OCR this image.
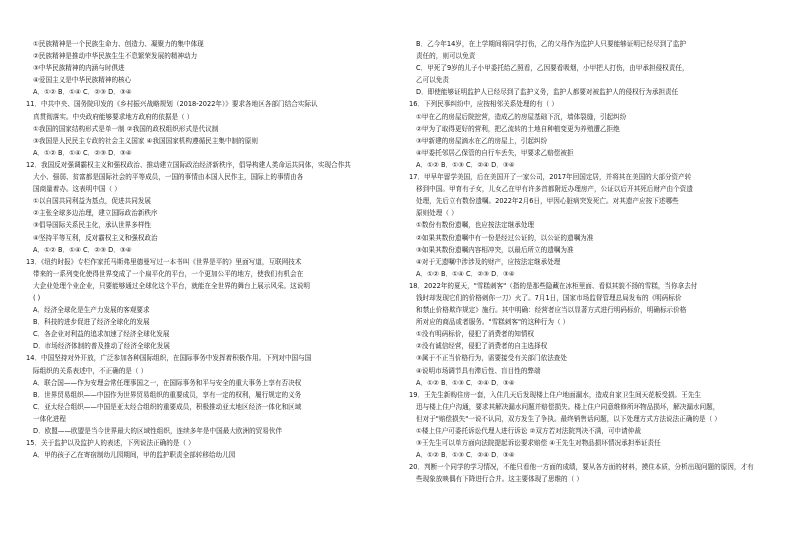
①民族精神是一个民族生命力、创造力、凝聚力的集中体现

②民族精神是推动中华民族生生不息繁荣发展的精神动力

③中华民族精神的内涵与时俱进

④爱国主义是中华民族精神的核心

A．①② B．①④ C．②③ D．③④

11．中共中央、国务院印发的《乡村振兴战略规划（2018-2022年）》要求各地区各部门结合实际认

真贯彻落实。中央政府能够要求地方政府的依据是（ ）

①我国的国家结构形式是单一制 ②我国的政权组织形式是代议制

③我国是人民民主专政的社会主义国家 ④我国国家机构遵循民主集中制的原则

A．①② B．①④ C．②③ D．③④

12．我国反对强调霸权主义和强权政治、推动建立国际政治经济新秩序，倡导构建人类命运共同体，实现合作共

大小、强弱、贫富都是国际社会的平等成员，一国的事情由本国人民作主，国际上的事情由各

国商量着办。这表明中国（ ）

①以自国共同利益为基点，促进共同发展

②主张全球多边治理，建立国际政治新秩序

③倡导国际关系民主化，承认世界多样性

④坚持平等互利，反对霸权主义和强权政治

A．①② B．①④ C．②③ D．③④

13．《纽约时报》专栏作家托马斯弗里德曼写过一本书叫《世界是平的》里面写道，互联网技术

带来的一系列变化使得世界变成了一个扁平化的平台，一个更加公平的地方，使我们有机会在

大企业处理个业企业，只要能够通过全球化这个平台，就能在全世界的舞台上展示风采。这说明

( )

A．经济全球化是生产力发展的客观要求

B．科技的进步促进了经济全球化的发展

C．各企业对利益的追求加速了经济全球化发展

D．市场经济体制的普及推动了经济全球化发展

14．中国坚持对外开放，广泛参加各种国际组织，在国际事务中发挥着积极作用。下列对中国与国

际组织的关系表述中，不正确的是（ ）

A．联合国——作为安理会常任理事国之一，在国际事务和平与安全的重大事务上享有否决权

B．世界贸易组织——中国作为世界贸易组织的重要成员，享有一定的权利，履行规定的义务

C．亚太经合组织——中国是亚太经合组织的重要成员，积极推动亚太地区经济一体化和区域

一体化进程

D．欧盟——欧盟是当今世界最大的区域性组织，连续多年是中国最大欧洲的贸易伙伴

15．关于监护以及监护人的表述，下列说法正确的是（ ）

A．甲的孩子乙在寄宿制幼儿园期间，甲的监护职责全部转移给幼儿园

B．乙今年14岁，在上学期间将同学打伤，乙的父母作为监护人只要能够证明已经尽到了监护

责任的，则可以免责

C．甲死了9岁的儿子小甲委托给乙照看，乙因要看吸烟，小甲把人打伤，由甲承担侵权责任，

乙可以免责

D．即使能够证明监护人已经尽到了监护义务，监护人都要对被监护人的侵权行为承担责任

16．下列民事纠纷中，应按相邻关系处理的有（ ）

①甲在乙的房屋后院挖营，造成乙的房屋基础下沉，墙体裂缝，引起纠纷

②甲为了取得更好的营利，把乙流转的土地自种植变更为养殖遭乙拒绝

③甲新建的房屋滴水在乙的房屋上，引起纠纷

④甲委托邻居乙保管的自行车丢失，甲要求乙赔偿被拒

A．①② B．①③ C．②④ D．③④

17．甲早年留学美国，后在美国开了一家公司，2017年回国定居，并将其在美国的大部分资产转

移到中国。甲育有子女，儿女乙在甲有许多首都附近办理房产，公证以后开其死后财产由个资遗

处理，先后立有数份遗嘱。2022年2月6日，甲因心脏病突发死亡。对其遗产应按下述哪些

原则处理（ ）

①数份有数份遗嘱，也应按法定继承处理

②如果其数份遗嘱中有一份是经过公证的，以公证的遗嘱为准

③如果其数份遗嘱内容相冲突，以最后所立的遗嘱为准

④对于无遗嘱中涉涉及的财产，应按法定继承处理

A．①② B．①④ C．②③ D．③④

18．2022年的夏天，"雪糕刺客"（指的是那些隐藏在冰柜里面、看似其貌不扬的雪糕，当你拿去付

钱时却发现它们的价格刺你一刀）火了。7月1日，国家市场监督管理总局发布的《明码标价

和禁止价格欺诈规定》施行。其中明确：经营者应当以显著方式进行明码标价，明确标示价格

所对应的商品或者服务。"雪糕刺客"的这种行为（ ）

①没有明码标价，侵犯了消费者的知情权

②没有诚信经营，侵犯了消费者的自主选择权

③属于不正当价格行为，需要接受有关部门依法查处

④说明市场调节具有滞后性、盲目性的弊端

A．①② B．①③ C．②④ D．③④

19．王先生新购住房一套，入住几天后发现楼上住户地面漏水，造成自家卫生间天花板受损。王先生

迅与楼上住户沟通，要求其解决漏水问题并赔偿损失。楼上住户同意维修所坏物品损坏，解决漏水问题，

但对于"赔偿损失"一说不认同，双方发生了争执。最终销售话问题，以下处理方式方法说法正确的是（ ）

①楼上住户可委托诉讼代理人进行诉讼 ②双方若对法院判决不满，可申请仲裁

③王先生可以单方面向法院提起诉讼要求赔偿 ④王先生对物品损坏情况承担举证责任

A．①② B．①③ C．②④ D．③④

20．判断一个同学的学习情况，不能只看他一方面的成绩，要从各方面的材料，摸住本质，分析出现问题的原因，才有

些现象放映偶有下降进行合并。这主要体现了思维的（ ）
